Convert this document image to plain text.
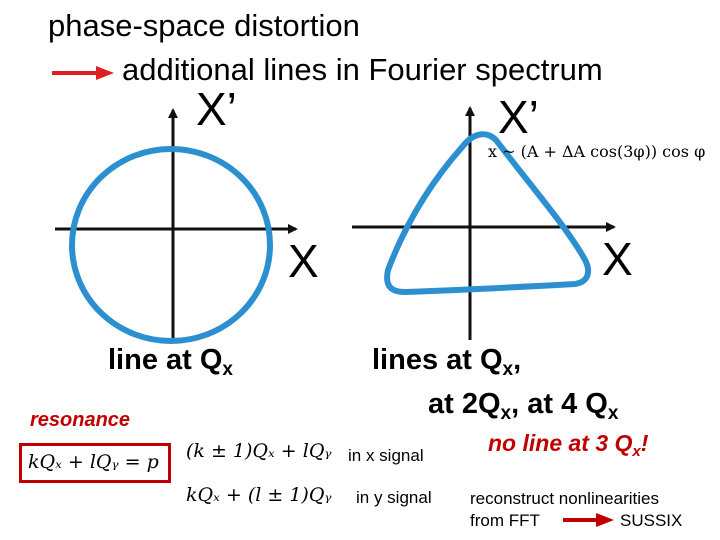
phase-space distortion
additional lines in Fourier spectrum
X’
X
X’
X
x ~ (A + ΔA cos(3φ)) cos φ
line at $Q_x$	lines at $Q_x$,
at $2Q_x$, at 4 $Q_x$
resonance
kQₓ + lQᵧ = p (k ± 1)Qₓ + lQᵧ in x signal
kQₓ + (l ± 1)Qᵧ in y signal
no line at 3 $Q_x$!
reconstruct nonlinearities
from FFT	SUSSIX
